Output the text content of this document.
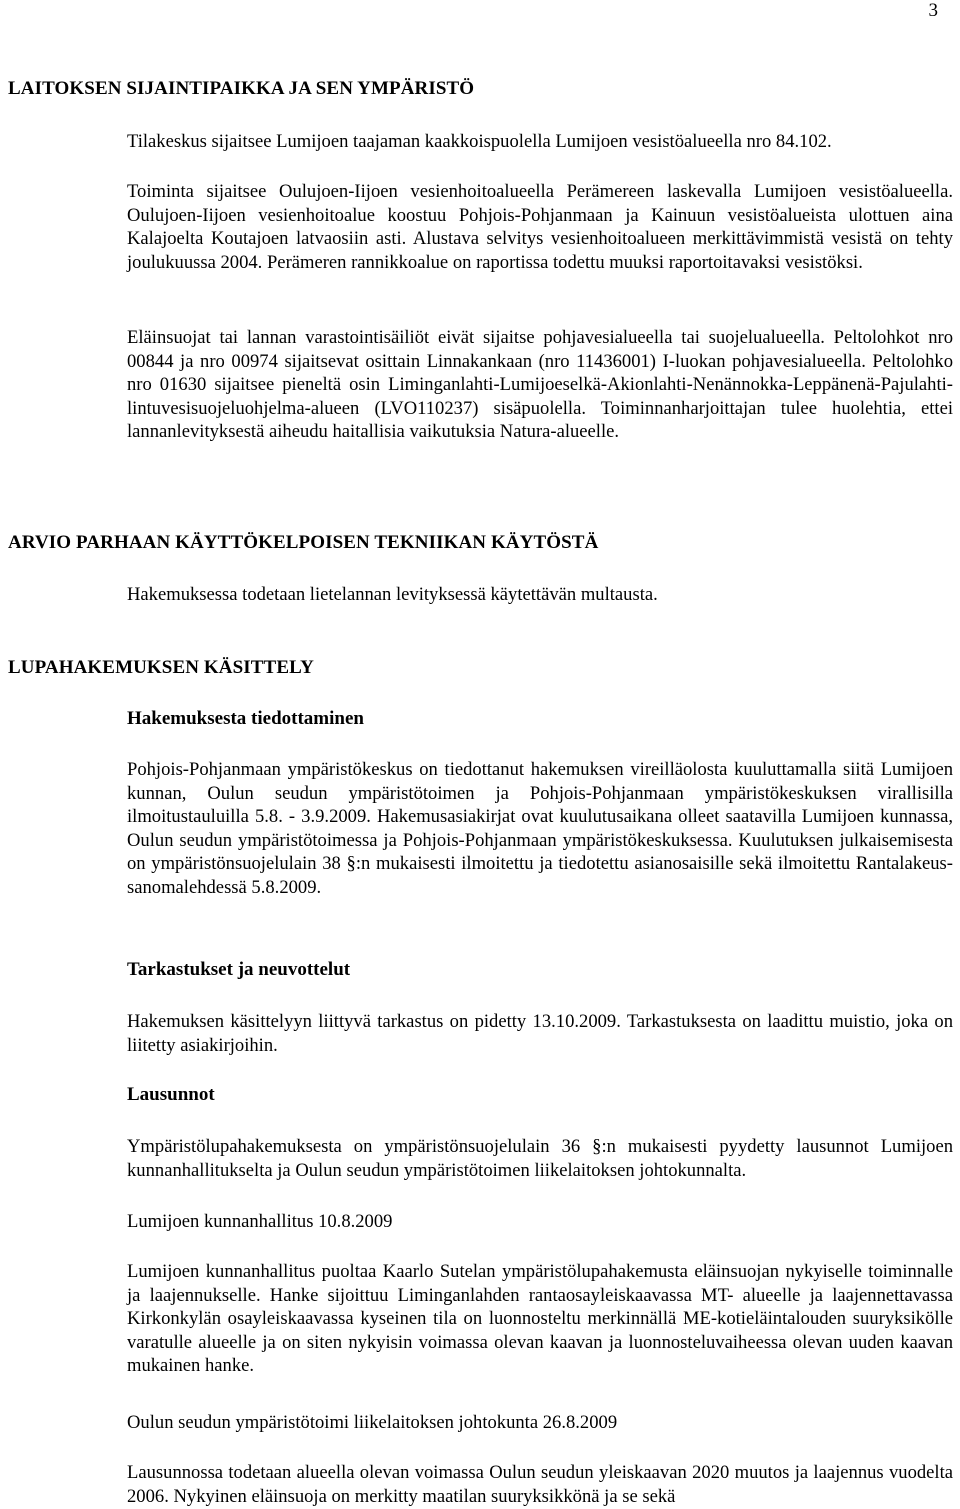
3
LAITOKSEN SIJAINTIPAIKKA JA SEN YMPÄRISTÖ

Tilakeskus sijaitsee Lumijoen taajaman kaakkoispuolella Lumijoen vesistöalueella nro 84.102.

Toiminta sijaitsee Oulujoen-Iijoen vesienhoitoalueella Perämereen laskevalla Lumijoen vesistöalueella. Oulujoen-Iijoen vesienhoitoalue koostuu Pohjois-Pohjanmaan ja Kainuun vesistöalueista ulottuen aina Kalajoelta Koutajoen latvaosiin asti. Alustava selvitys vesienhoitoalueen merkittävimmistä vesistä on tehty joulukuussa 2004. Perämeren rannikkoalue on raportissa todettu muuksi raportoitavaksi vesistöksi.

Eläinsuojat tai lannan varastointisäiliöt eivät sijaitse pohjavesialueella tai suojelualueella. Peltolohkot nro 00844 ja nro 00974 sijaitsevat osittain Linnakankaan (nro 11436001) I-luokan pohjavesialueella. Peltolohko nro 01630 sijaitsee pieneltä osin Liminganlahti-Lumijoeselkä-Akionlahti-Nenännokka-Leppänenä-Pajulahti-lintuvesisuojeluohjelma-alueen (LVO110237) sisäpuolella. Toiminnanharjoittajan tulee huolehtia, ettei lannanlevityksestä aiheudu haitallisia vaikutuksia Natura-alueelle.

ARVIO PARHAAN KÄYTTÖKELPOISEN TEKNIIKAN KÄYTÖSTÄ

Hakemuksessa todetaan lietelannan levityksessä käytettävän multausta.

LUPAHAKEMUKSEN KÄSITTELY
Hakemuksesta tiedottaminen

Pohjois-Pohjanmaan ympäristökeskus on tiedottanut hakemuksen vireilläolosta kuuluttamalla siitä Lumijoen kunnan, Oulun seudun ympäristötoimen ja Pohjois-Pohjanmaan ympäristökeskuksen virallisilla ilmoitustauluilla 5.8. - 3.9.2009. Hakemusasiakirjat ovat kuulutusaikana olleet saatavilla Lumijoen kunnassa, Oulun seudun ympäristötoimessa ja Pohjois-Pohjanmaan ympäristökeskuksessa. Kuulutuksen julkaisemisesta on ympäristönsuojelulain 38 §:n mukaisesti ilmoitettu ja tiedotettu asianosaisille sekä ilmoitettu Rantalakeussanomalehdessä 5.8.2009.

Tarkastukset ja neuvottelut

Hakemuksen käsittelyyn liittyvä tarkastus on pidetty 13.10.2009. Tarkastuksesta on laadittu muistio, joka on liitetty asiakirjoihin.

Lausunnot

Ympäristölupahakemuksesta on ympäristönsuojelulain 36 §:n mukaisesti pyydetty lausunnot Lumijoen kunnanhallitukselta ja Oulun seudun ympäristötoimen liikelaitoksen johtokunnalta.

Lumijoen kunnanhallitus 10.8.2009

Lumijoen kunnanhallitus puoltaa Kaarlo Sutelan ympäristölupahakemusta eläinsuojan nykyiselle toiminnalle ja laajennukselle. Hanke sijoittuu Liminganlahden rantaosayleiskaavassa MT- alueelle ja laajennettavassa Kirkonkylän osayleiskaavassa kyseinen tila on luonnosteltu merkinnällä ME-kotieläintalouden suuryksikölle varatulle alueelle ja on siten nykyisin voimassa olevan kaavan ja luonnosteluvaiheessa olevan uuden kaavan mukainen hanke.

Oulun seudun ympäristötoimi liikelaitoksen johtokunta 26.8.2009

Lausunnossa todetaan alueella olevan voimassa Oulun seudun yleiskaavan 2020 muutos ja laajennus vuodelta 2006. Nykyinen eläinsuoja on merkitty maatilan suuryksikkönä ja se sekä
